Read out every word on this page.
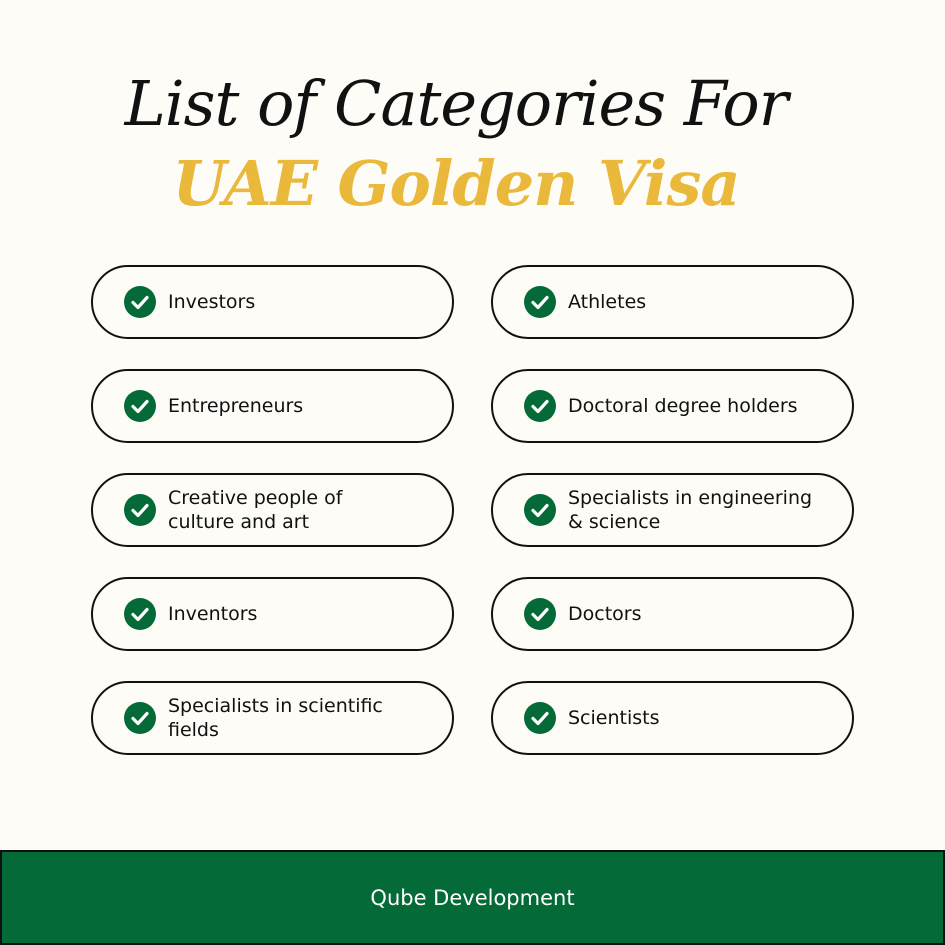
List of Categories For
UAE Golden Visa
Investors	Athletes
Entrepreneurs	Doctoral degree holders
Creative people of culture and art
Specialists in engineering & science
Inventors	Doctors
Specialists in scientific fields
Scientists
Qube Development
